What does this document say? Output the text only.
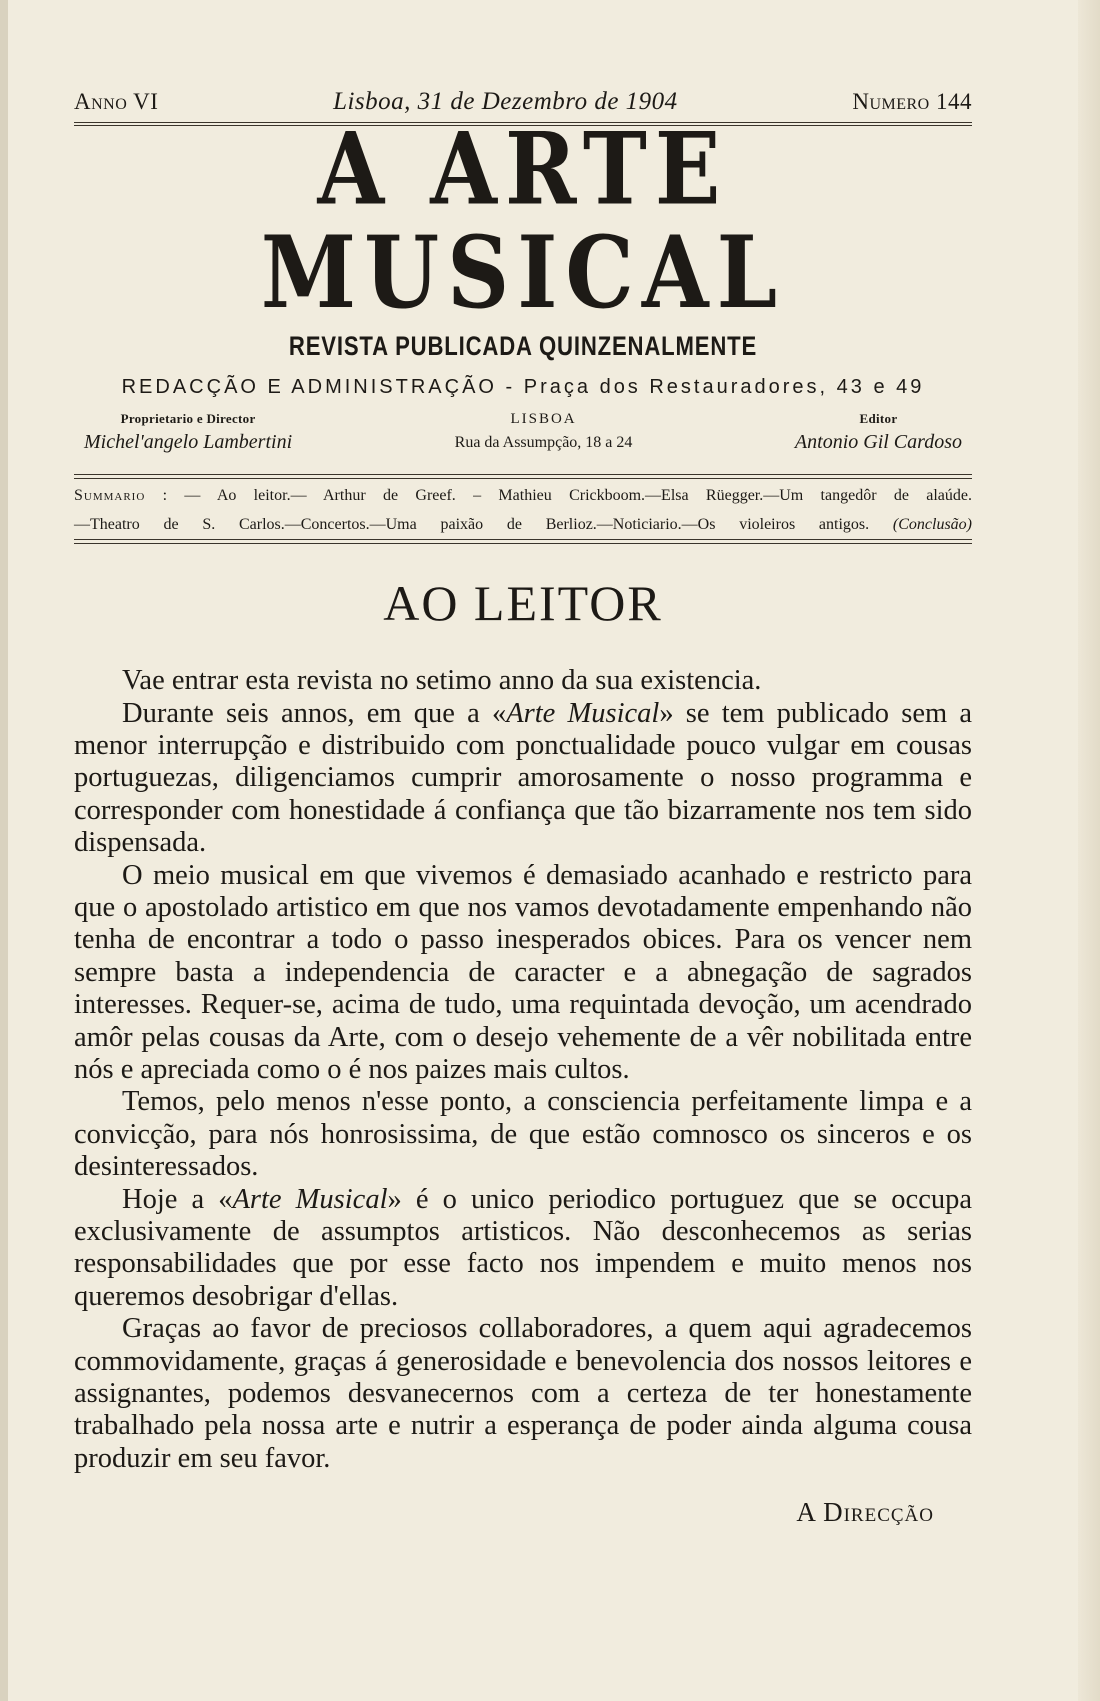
Anno VI	Lisboa, 31 de Dezembro de 1904	Numero 144
A ARTE MUSICAL
REVISTA PUBLICADA QUINZENALMENTE
REDACÇÃO E ADMINISTRAÇÃO - Praça dos Restauradores, 43 e 49
Proprietario e Director
Michel'angelo Lambertini
LISBOA
Rua da Assumpção, 18 a 24
Editor
Antonio Gil Cardoso
Summario : — Ao leitor.— Arthur de Greef. – Mathieu Crickboom.—Elsa Rüegger.—Um tangedôr de alaúde.
—Theatro de S. Carlos.—Concertos.—Uma paixão de Berlioz.—Noticiario.—Os violeiros antigos. (Conclusão)
AO LEITOR

Vae entrar esta revista no setimo anno da sua existencia.

Durante seis annos, em que a «Arte Musical» se tem publicado sem a menor interrupção e distribuido com ponctualidade pouco vulgar em cousas portuguezas, diligenciamos cumprir amorosamente o nosso programma e corresponder com honestidade á confiança que tão bizarramente nos tem sido dispensada.

O meio musical em que vivemos é demasiado acanhado e restricto para que o apostolado artistico em que nos vamos devotadamente empenhando não tenha de encontrar a todo o passo inesperados obices. Para os vencer nem sempre basta a independencia de caracter e a abnegação de sagrados interesses. Requer-se, acima de tudo, uma requintada devoção, um acendrado amôr pelas cousas da Arte, com o desejo vehemente de a vêr nobilitada entre nós e apreciada como o é nos paizes mais cultos.

Temos, pelo menos n'esse ponto, a consciencia perfeitamente limpa e a convicção, para nós honrosissima, de que estão comnosco os sinceros e os desinteressados.

Hoje a «Arte Musical» é o unico periodico portuguez que se occupa exclusivamente de assumptos artisticos. Não desconhecemos as serias responsabilidades que por esse facto nos impendem e muito menos nos queremos desobrigar d'ellas.

Graças ao favor de preciosos collaboradores, a quem aqui agradecemos commovidamente, graças á generosidade e benevolencia dos nossos leitores e assignantes, podemos desvanecernos com a certeza de ter honestamente trabalhado pela nossa arte e nutrir a esperança de poder ainda alguma cousa produzir em seu favor.

A Direcção
